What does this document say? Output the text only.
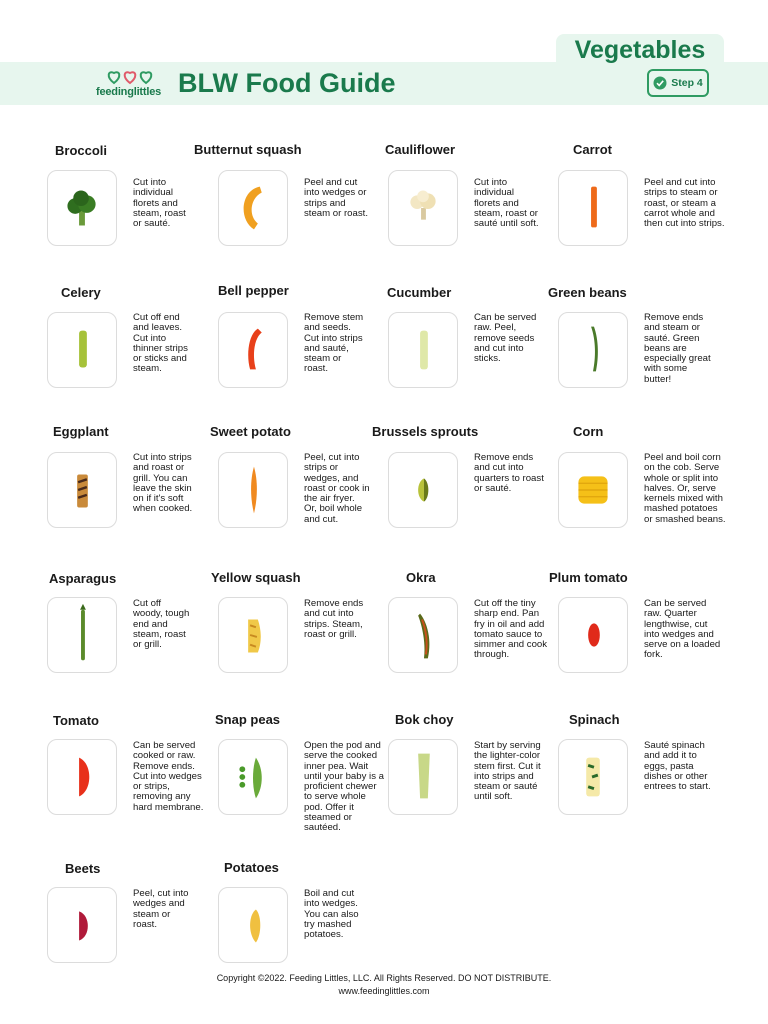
Vegetables
feedinglittles BLW Food Guide	Step 4
Broccoli
Cut into individual florets and steam, roast or sauté.
Butternut squash
Peel and cut into wedges or strips and steam or roast.
Cauliflower
Cut into individual florets and steam, roast or sauté until soft.
Carrot
Peel and cut into strips to steam or roast, or steam a carrot whole and then cut into strips.
Celery
Cut off end and leaves. Cut into thinner strips or sticks and steam.
Bell pepper
Remove stem and seeds. Cut into strips and sauté, steam or roast.
Cucumber
Can be served raw. Peel, remove seeds and cut into sticks.
Green beans
Remove ends and steam or sauté. Green beans are especially great with some butter!
Eggplant
Cut into strips and roast or grill. You can leave the skin on if it's soft when cooked.
Sweet potato
Peel, cut into strips or wedges, and roast or cook in the air fryer. Or, boil whole and cut.
Brussels sprouts
Remove ends and cut into quarters to roast or sauté.
Corn
Peel and boil corn on the cob. Serve whole or split into halves. Or, serve kernels mixed with mashed potatoes or smashed beans.
Asparagus
Cut off woody, tough end and steam, roast or grill.
Yellow squash
Remove ends and cut into strips. Steam, roast or grill.
Okra
Cut off the tiny sharp end. Pan fry in oil and add tomato sauce to simmer and cook through.
Plum tomato
Can be served raw. Quarter lengthwise, cut into wedges and serve on a loaded fork.
Tomato
Can be served cooked or raw. Remove ends. Cut into wedges or strips, removing any hard membrane.
Snap peas
Open the pod and serve the cooked inner pea. Wait until your baby is a proficient chewer to serve whole pod. Offer it steamed or sautéed.
Bok choy
Start by serving the lighter-color stem first. Cut it into strips and steam or sauté until soft.
Spinach
Sauté spinach and add it to eggs, pasta dishes or other entrees to start.
Beets
Peel, cut into wedges and steam or roast.
Potatoes
Boil and cut into wedges. You can also try mashed potatoes.
Copyright ©2022. Feeding Littles, LLC. All Rights Reserved. DO NOT DISTRIBUTE.
www.feedinglittles.com
